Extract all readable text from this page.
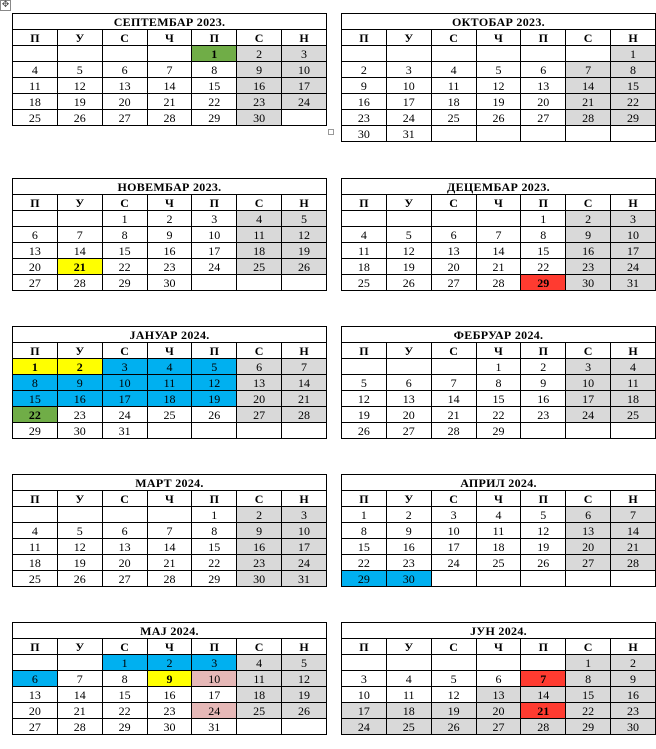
✥
СЕПТЕМБАР 2023.						
П	У	С	Ч	П	С	Н
				1	2	3
4	5	6	7	8	9	10
11	12	13	14	15	16	17
18	19	20	21	22	23	24
25	26	27	28	29	30	
ОКТОБАР 2023.						
П	У	С	Ч	П	С	Н
						1
2	3	4	5	6	7	8
9	10	11	12	13	14	15
16	17	18	19	20	21	22
23	24	25	26	27	28	29
30	31					
НОВЕМБАР 2023.						
П	У	С	Ч	П	С	Н
		1	2	3	4	5
6	7	8	9	10	11	12
13	14	15	16	17	18	19
20	21	22	23	24	25	26
27	28	29	30			
ДЕЦЕМБАР 2023.						
П	У	С	Ч	П	С	Н
				1	2	3
4	5	6	7	8	9	10
11	12	13	14	15	16	17
18	19	20	21	22	23	24
25	26	27	28	29	30	31
ЈАНУАР 2024.						
П	У	С	Ч	П	С	Н
1	2	3	4	5	6	7
8	9	10	11	12	13	14
15	16	17	18	19	20	21
22	23	24	25	26	27	28
29	30	31				
ФЕБРУАР 2024.						
П	У	С	Ч	П	С	Н
			1	2	3	4
5	6	7	8	9	10	11
12	13	14	15	16	17	18
19	20	21	22	23	24	25
26	27	28	29			
МАРТ 2024.						
П	У	С	Ч	П	С	Н
				1	2	3
4	5	6	7	8	9	10
11	12	13	14	15	16	17
18	19	20	21	22	23	24
25	26	27	28	29	30	31
АПРИЛ 2024.						
П	У	С	Ч	П	С	Н
1	2	3	4	5	6	7
8	9	10	11	12	13	14
15	16	17	18	19	20	21
22	23	24	25	26	27	28
29	30					
МАЈ 2024.						
П	У	С	Ч	П	С	Н
		1	2	3	4	5
6	7	8	9	10	11	12
13	14	15	16	17	18	19
20	21	22	23	24	25	26
27	28	29	30	31		
ЈУН 2024.						
П	У	С	Ч	П	С	Н
					1	2
3	4	5	6	7	8	9
10	11	12	13	14	15	16
17	18	19	20	21	22	23
24	25	26	27	28	29	30
